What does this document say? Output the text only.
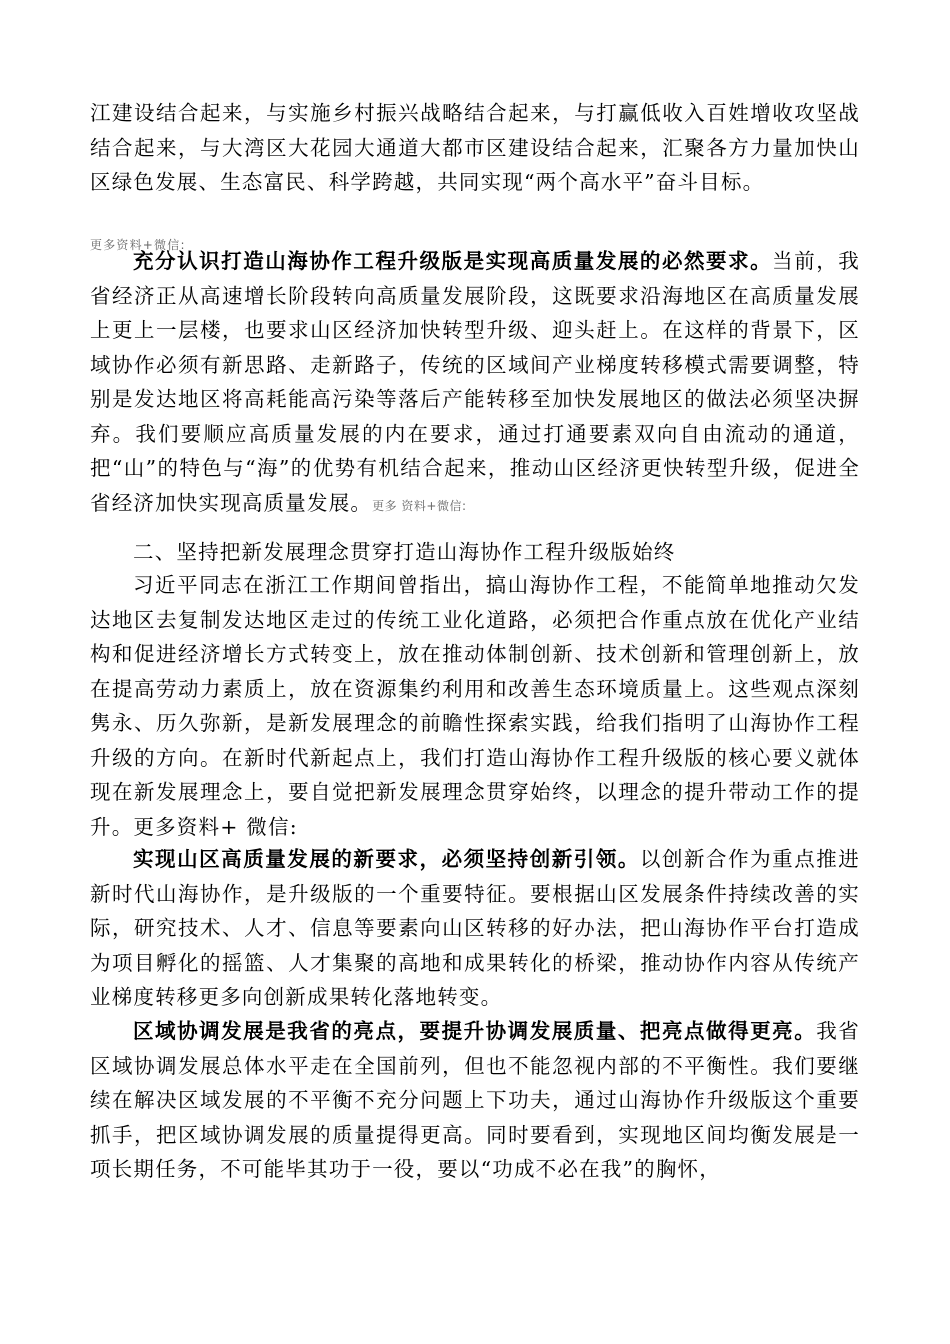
江建设结合起来，与实施乡村振兴战略结合起来，与打赢低收入百姓增收攻坚战结合起来，与大湾区大花园大通道大都市区建设结合起来，汇聚各方力量加快山区绿色发展、生态富民、科学跨越，共同实现“两个高水平”奋斗目标。

更多资料+微信:

充分认识打造山海协作工程升级版是实现高质量发展的必然要求。当前，我省经济正从高速增长阶段转向高质量发展阶段，这既要求沿海地区在高质量发展上更上一层楼，也要求山区经济加快转型升级、迎头赶上。在这样的背景下，区域协作必须有新思路、走新路子，传统的区域间产业梯度转移模式需要调整，特别是发达地区将高耗能高污染等落后产能转移至加快发展地区的做法必须坚决摒弃。我们要顺应高质量发展的内在要求，通过打通要素双向自由流动的通道，把“山”的特色与“海”的优势有机结合起来，推动山区经济更快转型升级，促进全省经济加快实现高质量发展。更多 资料+微信:

二、坚持把新发展理念贯穿打造山海协作工程升级版始终

习近平同志在浙江工作期间曾指出，搞山海协作工程，不能简单地推动欠发达地区去复制发达地区走过的传统工业化道路，必须把合作重点放在优化产业结构和促进经济增长方式转变上，放在推动体制创新、技术创新和管理创新上，放在提高劳动力素质上，放在资源集约利用和改善生态环境质量上。这些观点深刻隽永、历久弥新，是新发展理念的前瞻性探索实践，给我们指明了山海协作工程升级的方向。在新时代新起点上，我们打造山海协作工程升级版的核心要义就体现在新发展理念上，要自觉把新发展理念贯穿始终，以理念的提升带动工作的提升。更多资料+ 微信:

实现山区高质量发展的新要求，必须坚持创新引领。以创新合作为重点推进新时代山海协作，是升级版的一个重要特征。要根据山区发展条件持续改善的实际，研究技术、人才、信息等要素向山区转移的好办法，把山海协作平台打造成为项目孵化的摇篮、人才集聚的高地和成果转化的桥梁，推动协作内容从传统产业梯度转移更多向创新成果转化落地转变。

区域协调发展是我省的亮点，要提升协调发展质量、把亮点做得更亮。我省区域协调发展总体水平走在全国前列，但也不能忽视内部的不平衡性。我们要继续在解决区域发展的不平衡不充分问题上下功夫，通过山海协作升级版这个重要抓手，把区域协调发展的质量提得更高。同时要看到，实现地区间均衡发展是一项长期任务，不可能毕其功于一役，要以“功成不必在我”的胸怀，
